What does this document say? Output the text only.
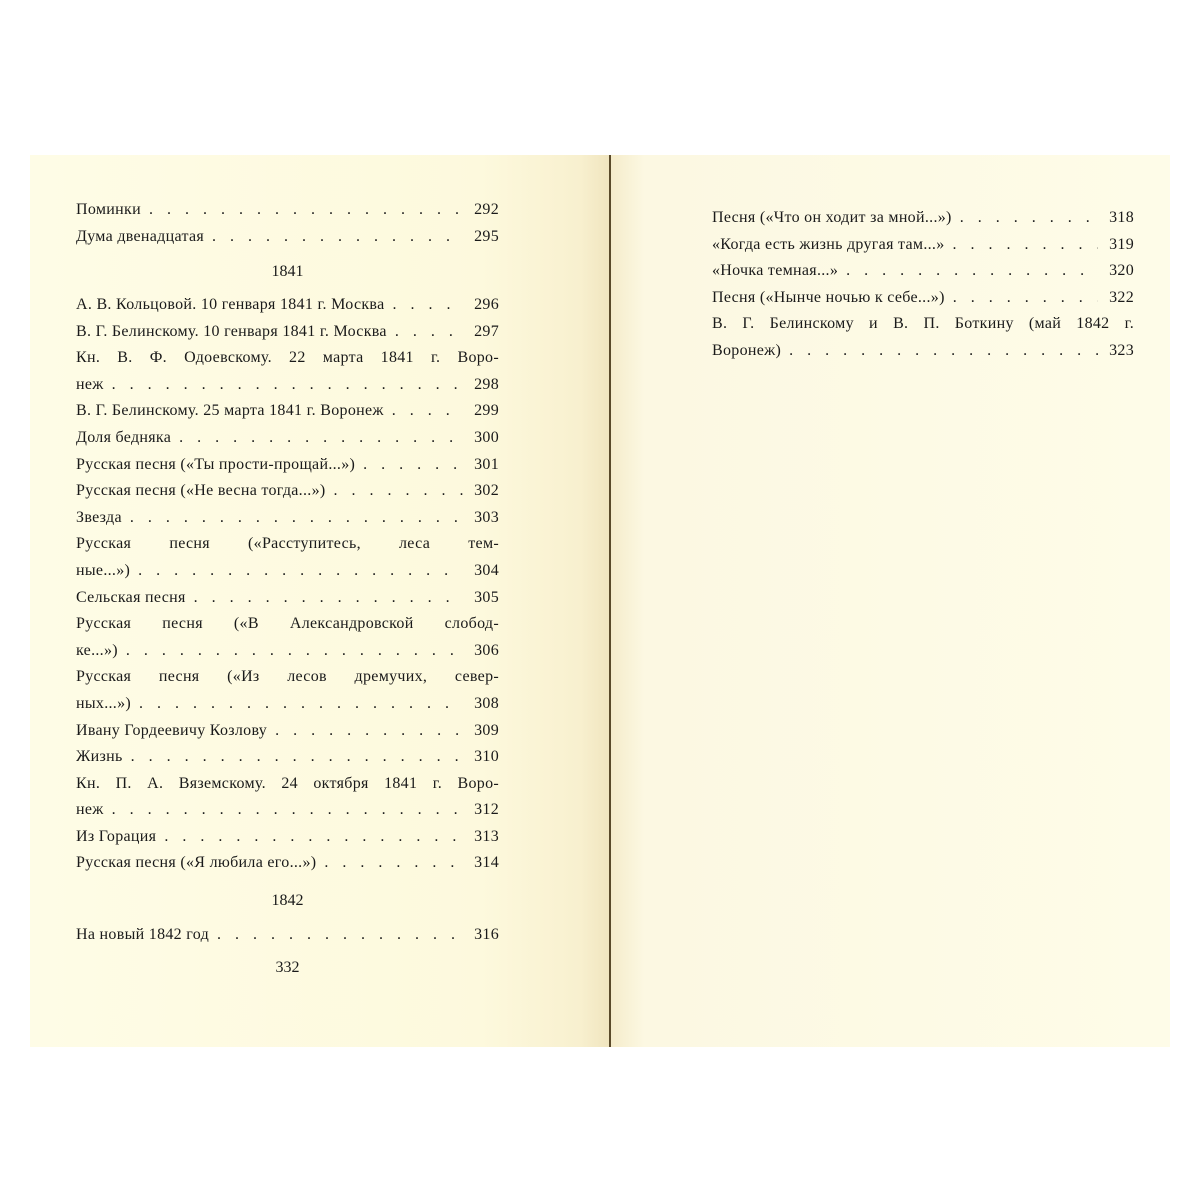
Поминки . . .	292
Дума двенадцатая . . .	295
1841
А. В. Кольцовой. 10 генваря 1841 г. Москва . . .	296
В. Г. Белинскому. 10 генваря 1841 г. Москва . . .	297
Кн. В. Ф. Одоевскому. 22 марта 1841 г. Воро-
неж . . .	298
В. Г. Белинскому. 25 марта 1841 г. Воронеж . . .	299
Доля бедняка . . .	300
Русская песня («Ты прости-прощай...») . . .	301
Русская песня («Не весна тогда...») . . .	302
Звезда . . .	303
Русская песня («Расступитесь, леса тем-
ные...») . . .	304
Сельская песня . . .	305
Русская песня («В Александровской слобод-
ке...») . . .	306
Русская песня («Из лесов дремучих, север-
ных...») . . .	308
Ивану Гордеевичу Козлову . . .	309
Жизнь . . .	310
Кн. П. А. Вяземскому. 24 октября 1841 г. Воро-
неж . . .	312
Из Горация . . .	313
Русская песня («Я любила его...») . . .	314
1842
На новый 1842 год . . .	316
332
Песня («Что он ходит за мной...») . . .	318
«Когда есть жизнь другая там...» . . .	319
«Ночка темная...» . . .	320
Песня («Нынче ночью к себе...») . . .	322
В. Г. Белинскому и В. П. Боткину (май 1842 г.
Воронеж) . . .	323
